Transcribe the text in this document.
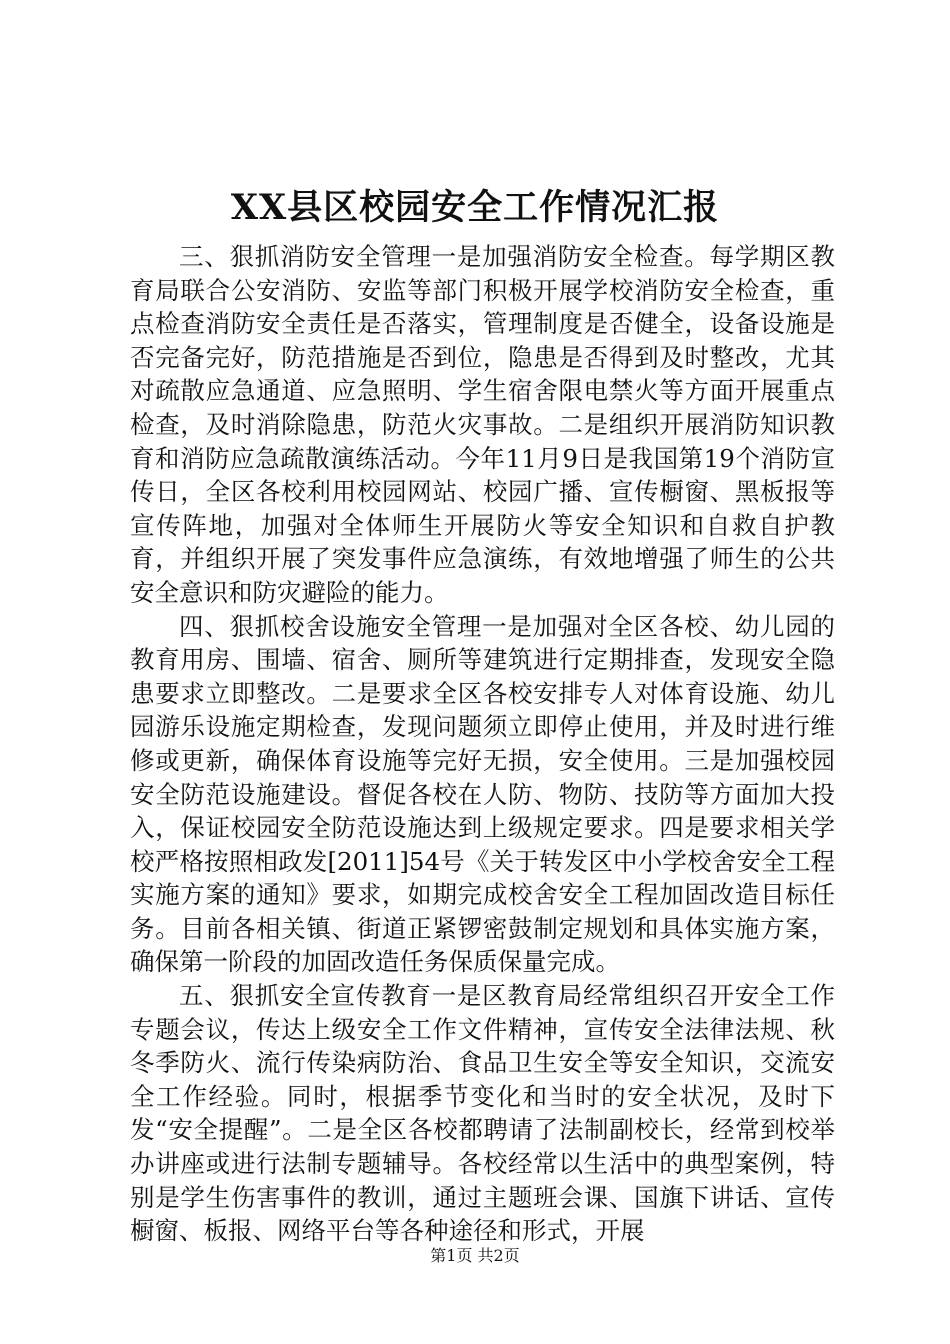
XX县区校园安全工作情况汇报

三、狠抓消防安全管理一是加强消防安全检查。每学期区教育局联合公安消防、安监等部门积极开展学校消防安全检查，重点检查消防安全责任是否落实，管理制度是否健全，设备设施是否完备完好，防范措施是否到位，隐患是否得到及时整改，尤其对疏散应急通道、应急照明、学生宿舍限电禁火等方面开展重点检查，及时消除隐患，防范火灾事故。二是组织开展消防知识教育和消防应急疏散演练活动。今年11月9日是我国第19个消防宣传日，全区各校利用校园网站、校园广播、宣传橱窗、黑板报等宣传阵地，加强对全体师生开展防火等安全知识和自救自护教育，并组织开展了突发事件应急演练，有效地增强了师生的公共安全意识和防灾避险的能力。

四、狠抓校舍设施安全管理一是加强对全区各校、幼儿园的教育用房、围墙、宿舍、厕所等建筑进行定期排查，发现安全隐患要求立即整改。二是要求全区各校安排专人对体育设施、幼儿园游乐设施定期检查，发现问题须立即停止使用，并及时进行维修或更新，确保体育设施等完好无损，安全使用。三是加强校园安全防范设施建设。督促各校在人防、物防、技防等方面加大投入，保证校园安全防范设施达到上级规定要求。四是要求相关学校严格按照相政发[2011]54号《关于转发区中小学校舍安全工程实施方案的通知》要求，如期完成校舍安全工程加固改造目标任务。目前各相关镇、街道正紧锣密鼓制定规划和具体实施方案，确保第一阶段的加固改造任务保质保量完成。

五、狠抓安全宣传教育一是区教育局经常组织召开安全工作专题会议，传达上级安全工作文件精神，宣传安全法律法规、秋冬季防火、流行传染病防治、食品卫生安全等安全知识，交流安全工作经验。同时，根据季节变化和当时的安全状况，及时下发“安全提醒”。二是全区各校都聘请了法制副校长，经常到校举办讲座或进行法制专题辅导。各校经常以生活中的典型案例，特别是学生伤害事件的教训，通过主题班会课、国旗下讲话、宣传橱窗、板报、网络平台等各种途径和形式，开展

第1页 共2页
